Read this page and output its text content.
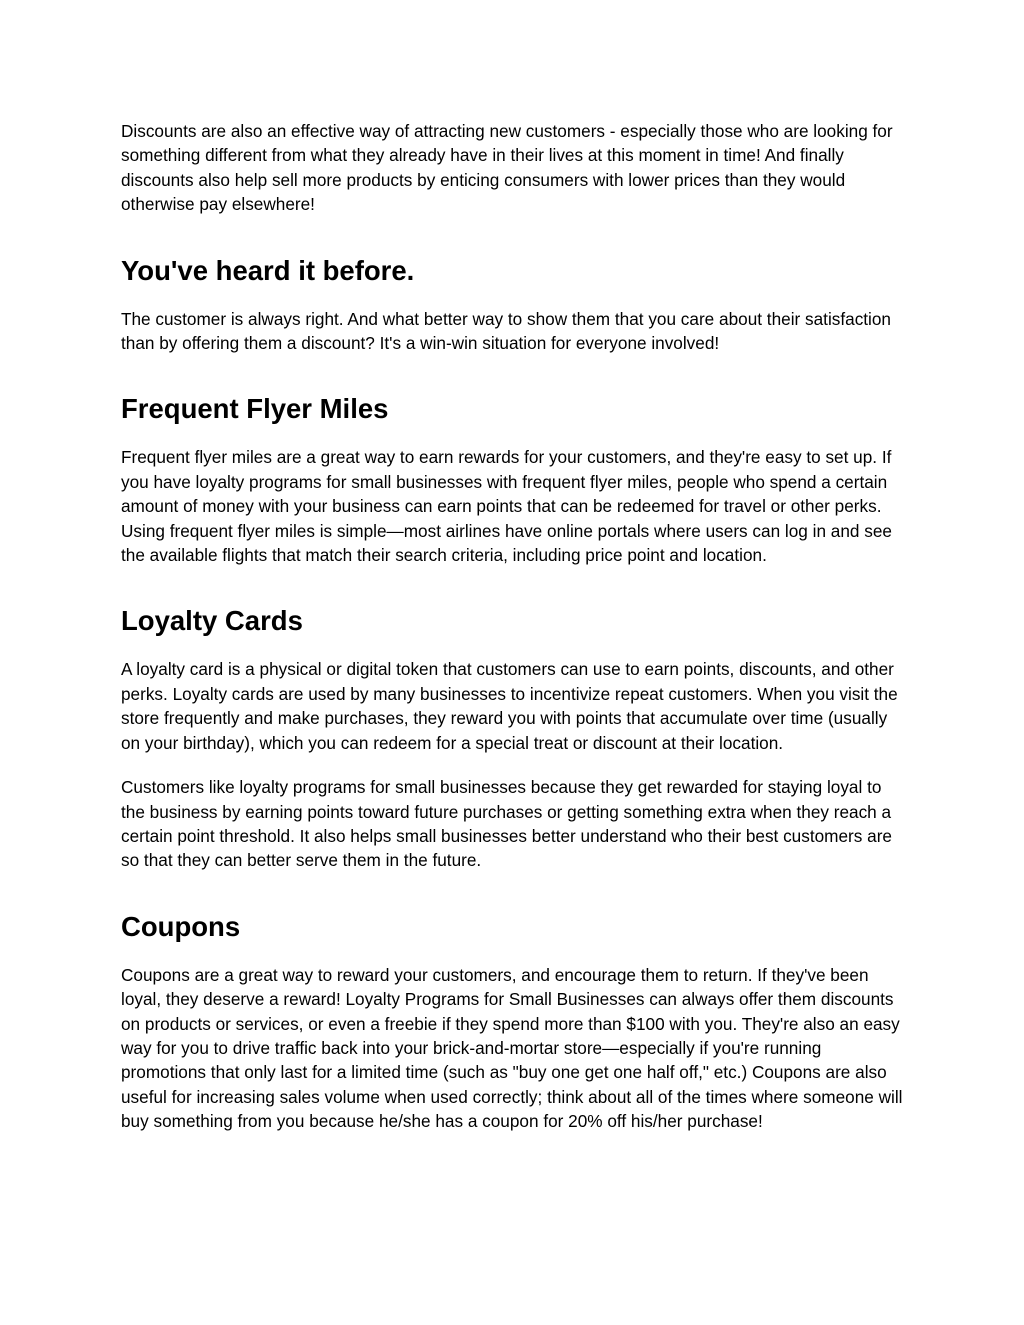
Discounts are also an effective way of attracting new customers - especially those who are looking for something different from what they already have in their lives at this moment in time! And finally discounts also help sell more products by enticing consumers with lower prices than they would otherwise pay elsewhere!

You've heard it before.

The customer is always right. And what better way to show them that you care about their satisfaction than by offering them a discount? It's a win-win situation for everyone involved!

Frequent Flyer Miles

Frequent flyer miles are a great way to earn rewards for your customers, and they're easy to set up. If you have loyalty programs for small businesses with frequent flyer miles, people who spend a certain amount of money with your business can earn points that can be redeemed for travel or other perks. Using frequent flyer miles is simple—most airlines have online portals where users can log in and see the available flights that match their search criteria, including price point and location.

Loyalty Cards

A loyalty card is a physical or digital token that customers can use to earn points, discounts, and other perks. Loyalty cards are used by many businesses to incentivize repeat customers. When you visit the store frequently and make purchases, they reward you with points that accumulate over time (usually on your birthday), which you can redeem for a special treat or discount at their location.

Customers like loyalty programs for small businesses because they get rewarded for staying loyal to the business by earning points toward future purchases or getting something extra when they reach a certain point threshold. It also helps small businesses better understand who their best customers are so that they can better serve them in the future.

Coupons

Coupons are a great way to reward your customers, and encourage them to return. If they've been loyal, they deserve a reward! Loyalty Programs for Small Businesses can always offer them discounts on products or services, or even a freebie if they spend more than $100 with you. They're also an easy way for you to drive traffic back into your brick-and-mortar store—especially if you're running promotions that only last for a limited time (such as "buy one get one half off," etc.) Coupons are also useful for increasing sales volume when used correctly; think about all of the times where someone will buy something from you because he/she has a coupon for 20% off his/her purchase!
